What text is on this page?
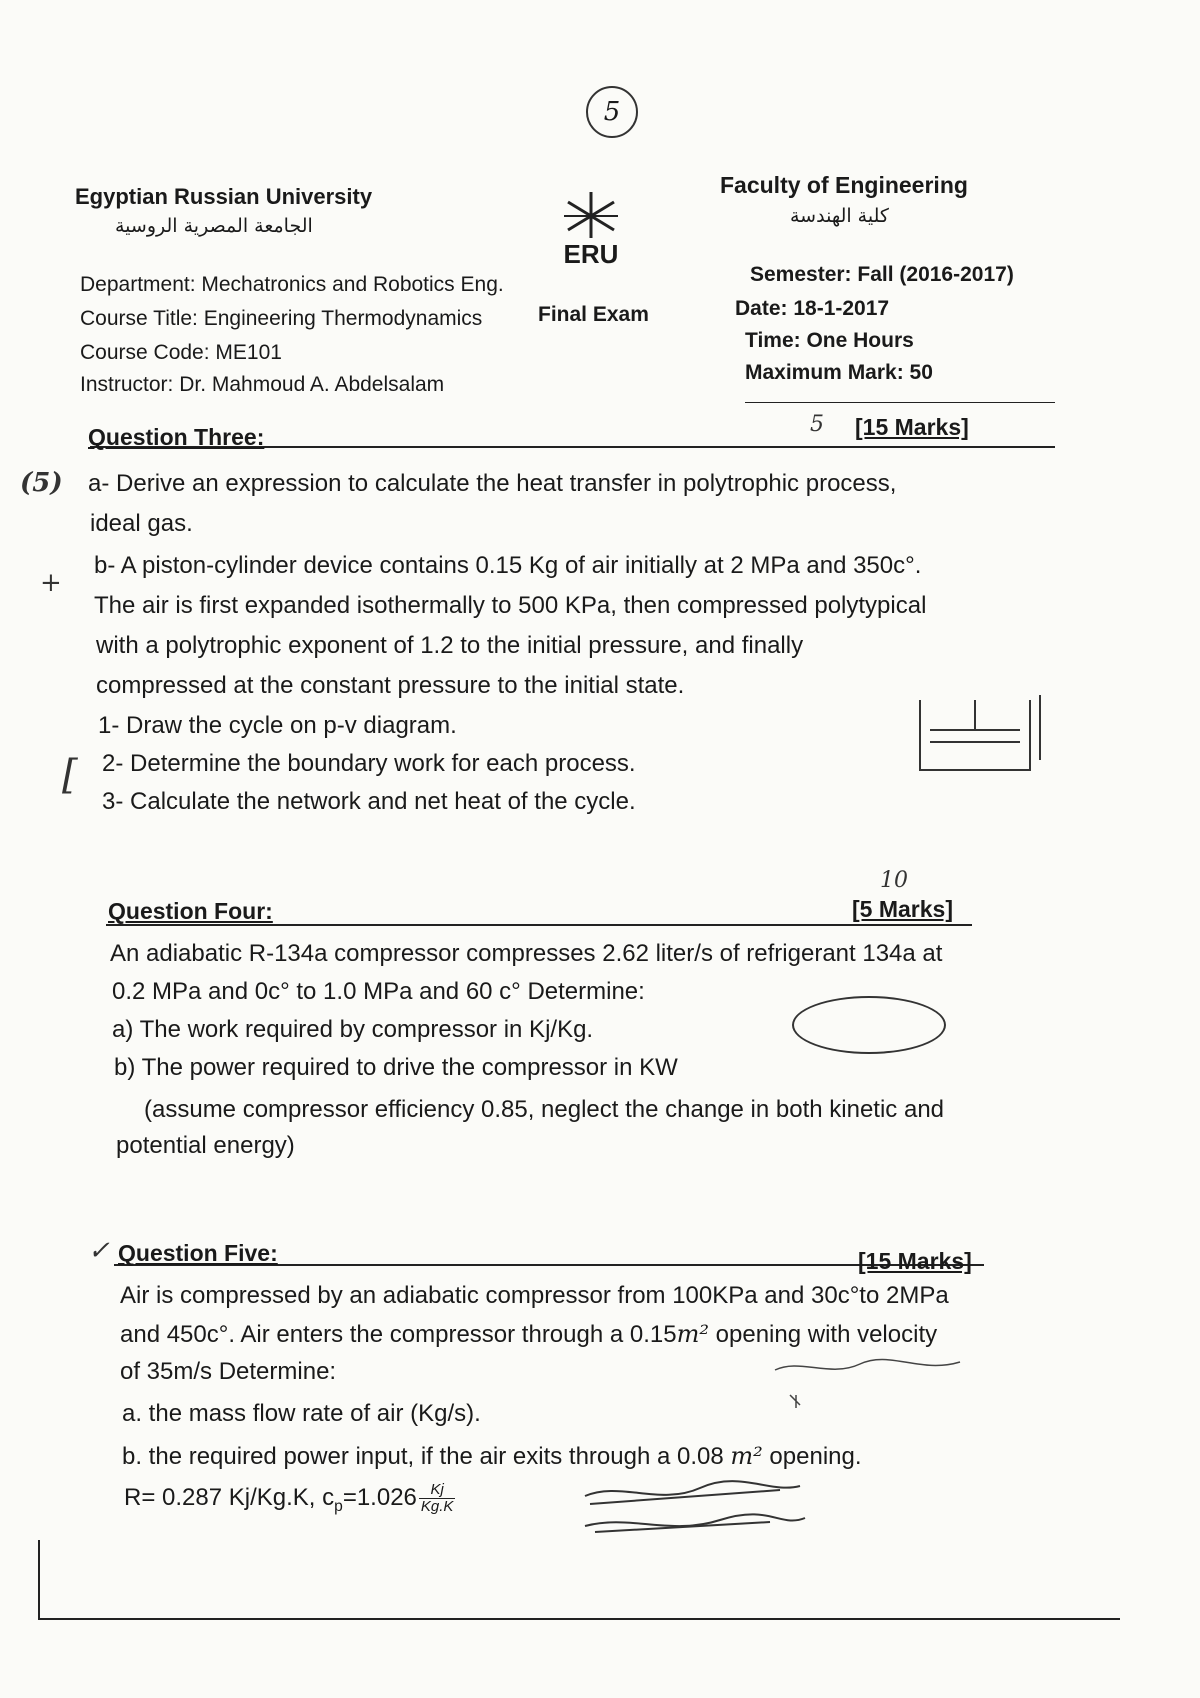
5
Egyptian Russian University
الجامعة المصرية الروسية
Department: Mechatronics and Robotics Eng.
Course Title: Engineering Thermodynamics
Course Code: ME101
Instructor: Dr. Mahmoud A. Abdelsalam
ERU
Final Exam
Faculty of Engineering
كلية الهندسة
Semester: Fall (2016-2017)
Date: 18-1-2017
Time: One Hours
Maximum Mark: 50
Question Three:	[15 Marks]
5
(5) a- Derive an expression to calculate the heat transfer in polytrophic process,
ideal gas.
+
b- A piston-cylinder device contains 0.15 Kg of air initially at 2 MPa and 350c°.
The air is first expanded isothermally to 500 KPa, then compressed polytypical
with a polytrophic exponent of 1.2 to the initial pressure, and finally
compressed at the constant pressure to the initial state.
1- Draw the cycle on p-v diagram.
2- Determine the boundary work for each process.
3- Calculate the network and net heat of the cycle.
[
Question Four:
10
[5 Marks]
An adiabatic R-134a compressor compresses 2.62 liter/s of refrigerant 134a at
0.2 MPa and 0c° to 1.0 MPa and 60 c° Determine:
a) The work required by compressor in Kj/Kg.
b) The power required to drive the compressor in KW
(assume compressor efficiency 0.85, neglect the change in both kinetic and
potential energy)
✓ Question Five:	[15 Marks]
Air is compressed by an adiabatic compressor from 100KPa and 30c°to 2MPa
and 450c°. Air enters the compressor through a 0.15m² opening with velocity
of 35m/s Determine:
a. the mass flow rate of air (Kg/s).
b. the required power input, if the air exits through a 0.08 m² opening.
R= 0.287 Kj/Kg.K, $c_p=1.026 \frac{Kj}{Kg.K}$
